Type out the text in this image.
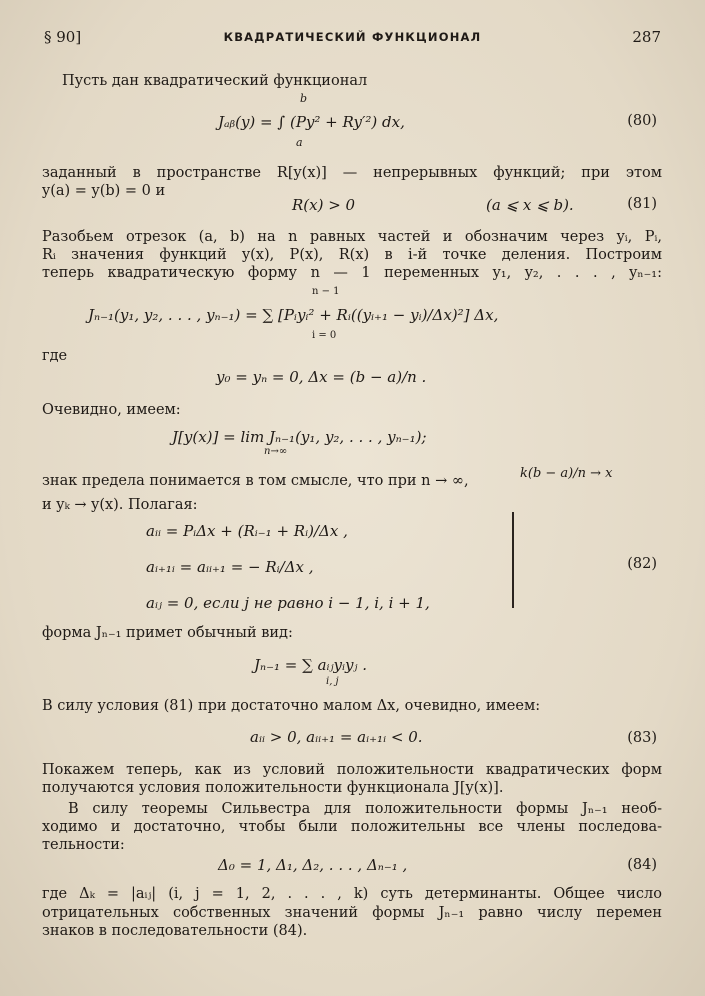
§ 90]	КВАДРАТИЧЕСКИЙ ФУНКЦИОНАЛ	287
Пусть дан квадратический функционал
b
Jₐᵦ(y) = ∫ (Py² + Ry′²) dx,
a
(80)
заданный в пространстве R[y(x)] — непрерывных функций; при этом
y(a) = y(b) = 0 и
R(x) > 0	(a ⩽ x ⩽ b).	(81)
Разобьем отрезок (a, b) на n равных частей и обозначим через yᵢ, Pᵢ,
Rᵢ значения функций y(x), P(x), R(x) в i-й точке деления. Построим
теперь квадратическую форму n — 1 переменных y₁, y₂, . . . , yₙ₋₁:
n − 1
Jₙ₋₁(y₁, y₂, . . . , yₙ₋₁) = ∑ [Pᵢyᵢ² + Rᵢ((yᵢ₊₁ − yᵢ)/Δx)²] Δx,
i = 0
где
y₀ = yₙ = 0, Δx = (b − a)/n .
Очевидно, имеем:
J[y(x)] = lim Jₙ₋₁(y₁, y₂, . . . , yₙ₋₁);
n→∞
знак предела понимается в том смысле, что при n → ∞,	k(b − a)/n → x
и yₖ → y(x). Полагая:
aᵢᵢ = PᵢΔx + (Rᵢ₋₁ + Rᵢ)/Δx ,
aᵢ₊₁ᵢ = aᵢᵢ₊₁ = − Rᵢ/Δx ,
aᵢⱼ = 0, если j не равно i − 1, i, i + 1,
(82)
форма Jₙ₋₁ примет обычный вид:
Jₙ₋₁ = ∑ aᵢⱼyᵢyⱼ .
i, j
В силу условия (81) при достаточно малом Δx, очевидно, имеем:
aᵢᵢ > 0, aᵢᵢ₊₁ = aᵢ₊₁ᵢ < 0.	(83)
Покажем теперь, как из условий положительности квадратических форм
получаются условия положительности функционала J[y(x)].
В силу теоремы Сильвестра для положительности формы Jₙ₋₁ необ-
ходимо и достаточно, чтобы были положительны все члены последова-
тельности:
Δ₀ = 1, Δ₁, Δ₂, . . . , Δₙ₋₁ ,	(84)
где Δₖ = |aᵢⱼ| (i, j = 1, 2, . . . , k) суть детерминанты. Общее число
отрицательных собственных значений формы Jₙ₋₁ равно числу перемен
знаков в последовательности (84).
